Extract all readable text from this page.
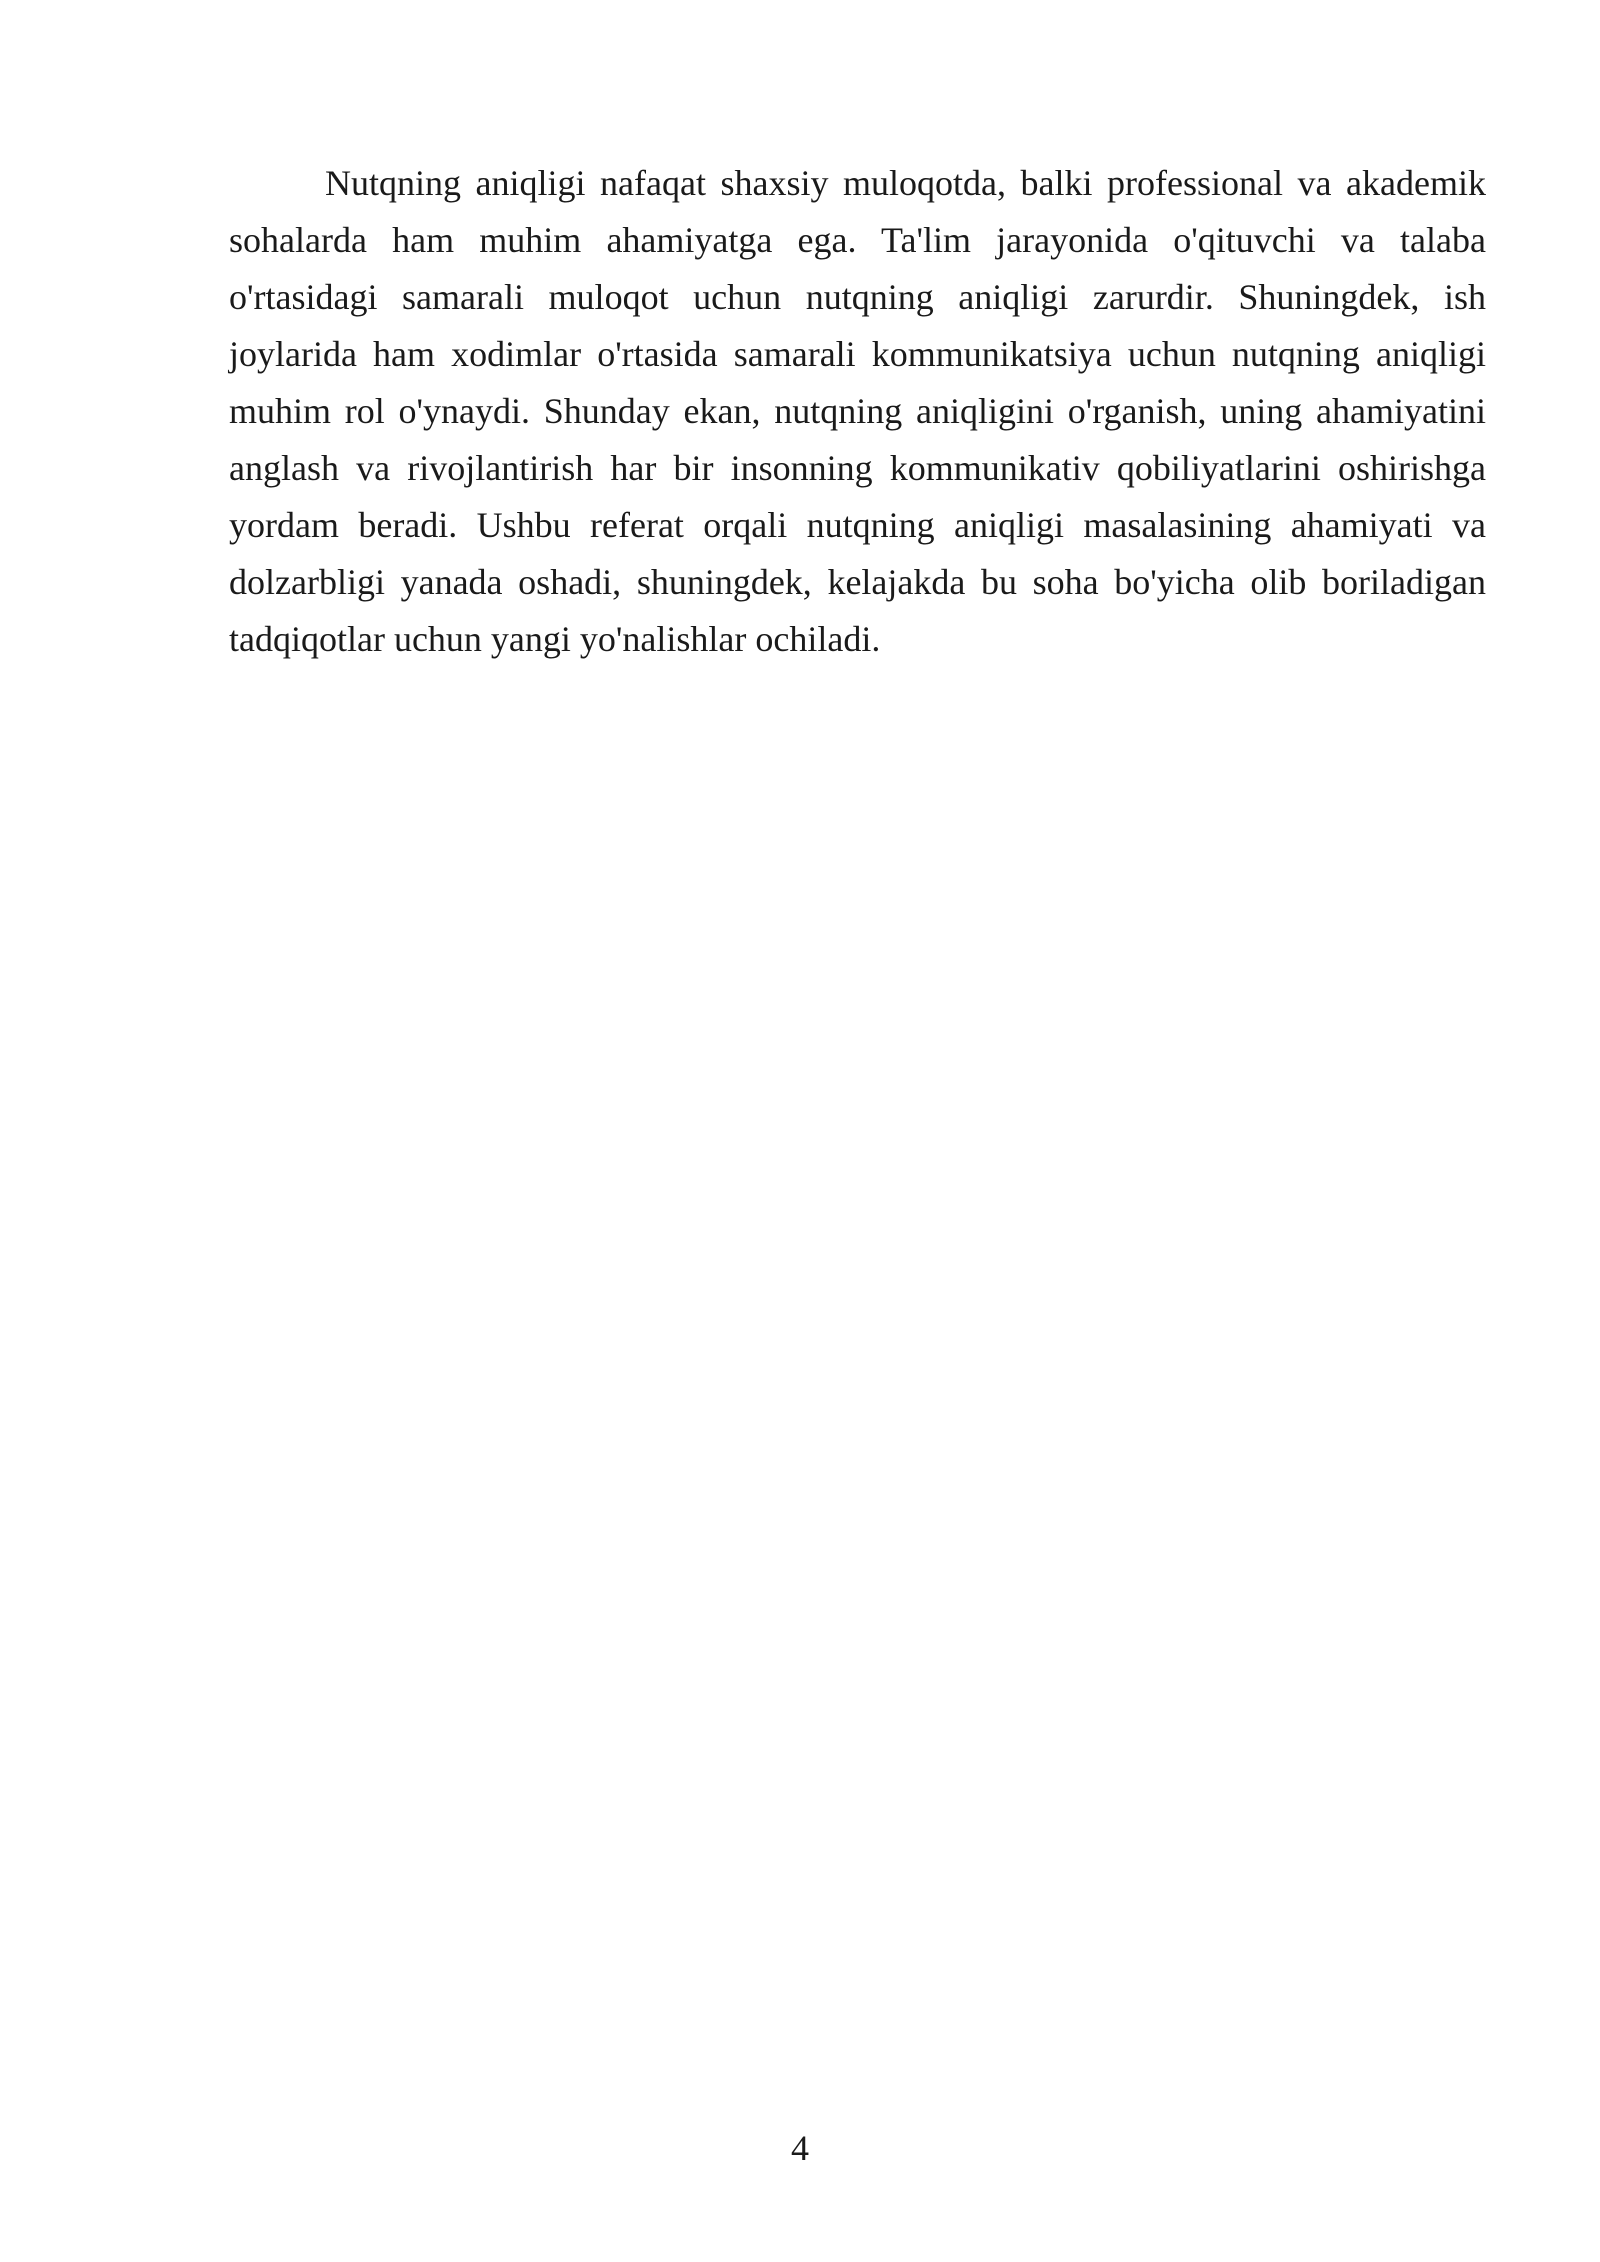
Nutqning aniqligi nafaqat shaxsiy muloqotda, balki professional va akademik sohalarda ham muhim ahamiyatga ega. Ta'lim jarayonida o'qituvchi va talaba o'rtasidagi samarali muloqot uchun nutqning aniqligi zarurdir. Shuningdek, ish joylarida ham xodimlar o'rtasida samarali kommunikatsiya uchun nutqning aniqligi muhim rol o'ynaydi. Shunday ekan, nutqning aniqligini o'rganish, uning ahamiyatini anglash va rivojlantirish har bir insonning kommunikativ qobiliyatlarini oshirishga yordam beradi. Ushbu referat orqali nutqning aniqligi masalasining ahamiyati va dolzarbligi yanada oshadi, shuningdek, kelajakda bu soha bo'yicha olib boriladigan tadqiqotlar uchun yangi yo'nalishlar ochiladi.

4
